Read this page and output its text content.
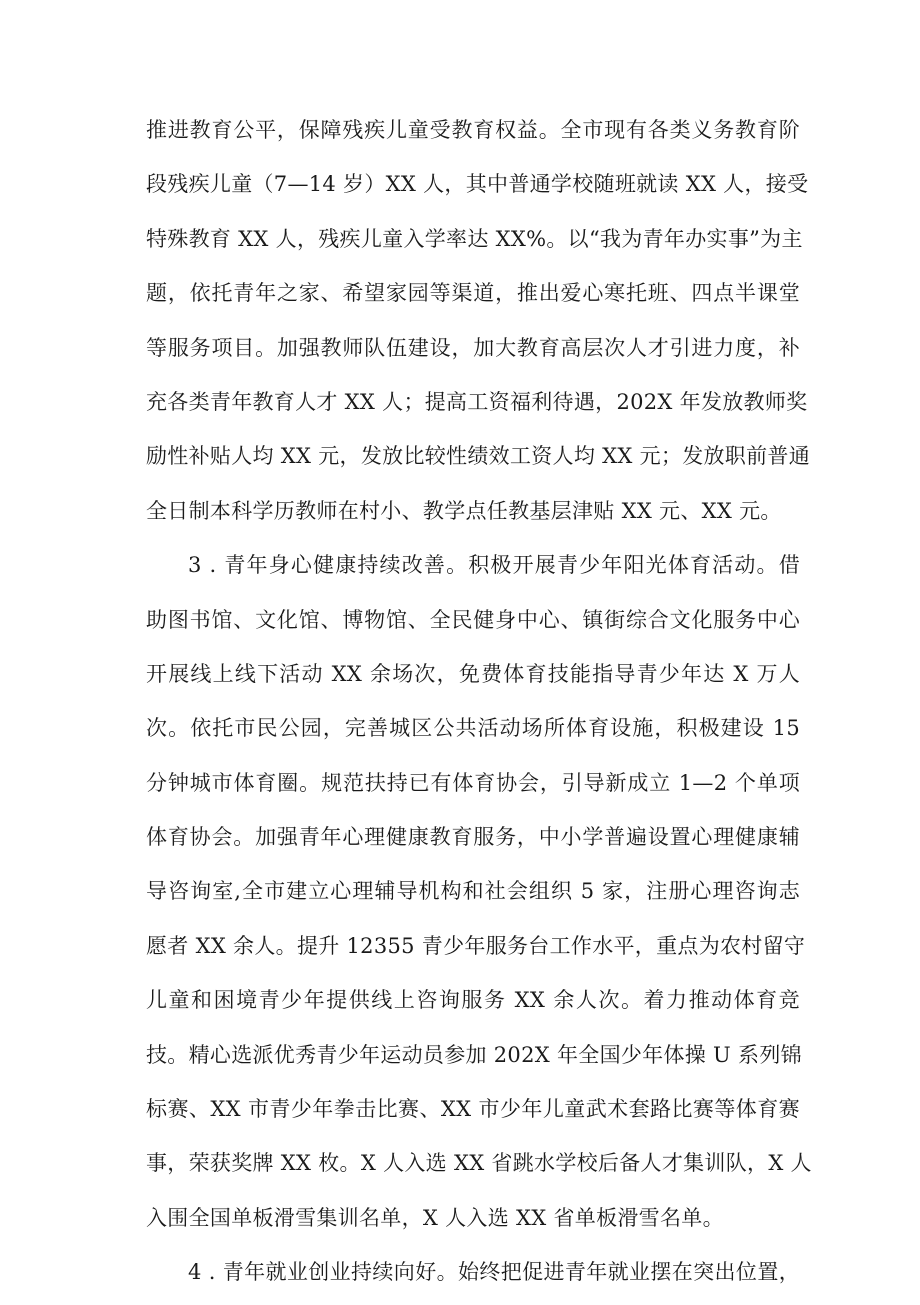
推进教育公平，保障残疾儿童受教育权益。全市现有各类义务教育阶
段残疾儿童（7—14 岁）XX 人，其中普通学校随班就读 XX 人，接受
特殊教育 XX 人，残疾儿童入学率达 XX%。以“我为青年办实事”为主
题，依托青年之家、希望家园等渠道，推出爱心寒托班、四点半课堂
等服务项目。加强教师队伍建设，加大教育高层次人才引进力度，补
充各类青年教育人才 XX 人；提高工资福利待遇，202X 年发放教师奖
励性补贴人均 XX 元，发放比较性绩效工资人均 XX 元；发放职前普通
全日制本科学历教师在村小、教学点任教基层津贴 XX 元、XX 元。
3 . 青年身心健康持续改善。积极开展青少年阳光体育活动。借
助图书馆、文化馆、博物馆、全民健身中心、镇街综合文化服务中心
开展线上线下活动 XX 余场次，免费体育技能指导青少年达 X 万人
次。依托市民公园，完善城区公共活动场所体育设施，积极建设 15
分钟城市体育圈。规范扶持已有体育协会，引导新成立 1—2 个单项
体育协会。加强青年心理健康教育服务，中小学普遍设置心理健康辅
导咨询室,全市建立心理辅导机构和社会组织 5 家，注册心理咨询志
愿者 XX 余人。提升 12355 青少年服务台工作水平，重点为农村留守
儿童和困境青少年提供线上咨询服务 XX 余人次。着力推动体育竞
技。精心选派优秀青少年运动员参加 202X 年全国少年体操 U 系列锦
标赛、XX 市青少年拳击比赛、XX 市少年儿童武术套路比赛等体育赛
事，荣获奖牌 XX 枚。X 人入选 XX 省跳水学校后备人才集训队，X 人
入围全国单板滑雪集训名单，X 人入选 XX 省单板滑雪名单。
4 . 青年就业创业持续向好。始终把促进青年就业摆在突出位置，
